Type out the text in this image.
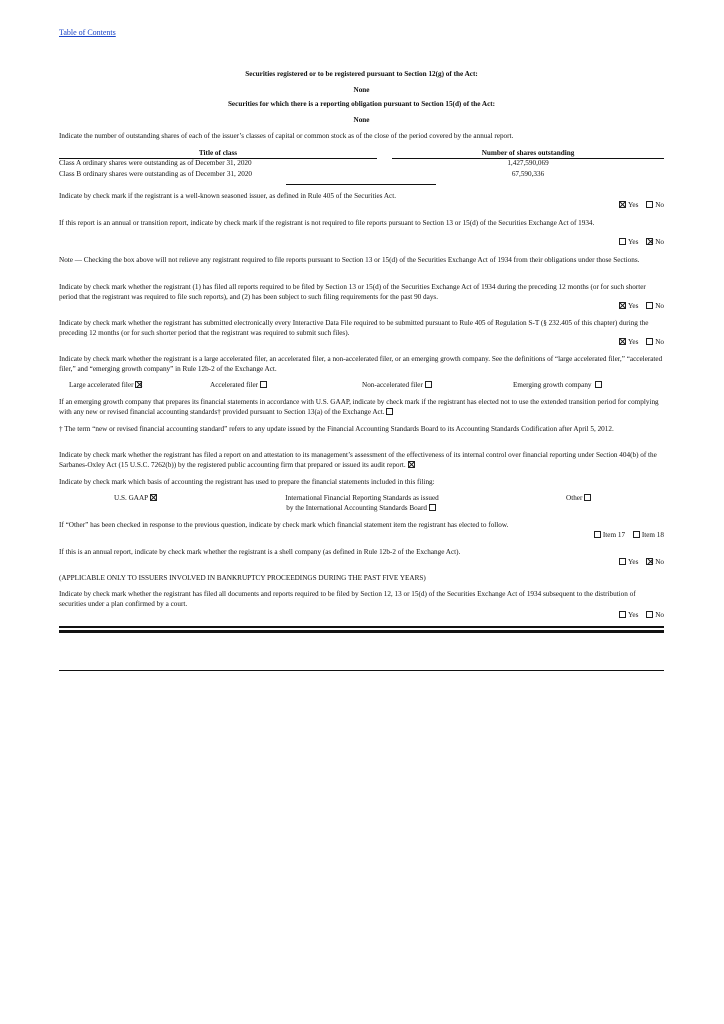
Table of Contents
Securities registered or to be registered pursuant to Section 12(g) of the Act:
None
Securities for which there is a reporting obligation pursuant to Section 15(d) of the Act:
None
Indicate the number of outstanding shares of each of the issuer’s classes of capital or common stock as of the close of the period covered by the annual report.
Title of class	Number of shares outstanding
Class A ordinary shares were outstanding as of December 31, 2020	1,427,590,069
Class B ordinary shares were outstanding as of December 31, 2020	67,590,336
Indicate by check mark if the registrant is a well-known seasoned issuer, as defined in Rule 405 of the Securities Act.
Yes No
If this report is an annual or transition report, indicate by check mark if the registrant is not required to file reports pursuant to Section 13 or 15(d) of the Securities Exchange Act of 1934.
Yes No
Note — Checking the box above will not relieve any registrant required to file reports pursuant to Section 13 or 15(d) of the Securities Exchange Act of 1934 from their obligations under those Sections.
Indicate by check mark whether the registrant (1) has filed all reports required to be filed by Section 13 or 15(d) of the Securities Exchange Act of 1934 during the preceding 12 months (or for such shorter period that the registrant was required to file such reports), and (2) has been subject to such filing requirements for the past 90 days.
Yes No
Indicate by check mark whether the registrant has submitted electronically every Interactive Data File required to be submitted pursuant to Rule 405 of Regulation S-T (§ 232.405 of this chapter) during the preceding 12 months (or for such shorter period that the registrant was required to submit such files).
Yes No
Indicate by check mark whether the registrant is a large accelerated filer, an accelerated filer, a non-accelerated filer, or an emerging growth company. See the definitions of “large accelerated filer,” “accelerated filer,” and “emerging growth company” in Rule 12b-2 of the Exchange Act.
Large accelerated filer	Accelerated filer	Non-accelerated filer	Emerging growth company
If an emerging growth company that prepares its financial statements in accordance with U.S. GAAP, indicate by check mark if the registrant has elected not to use the extended transition period for complying with any new or revised financial accounting standards† provided pursuant to Section 13(a) of the Exchange Act.
† The term “new or revised financial accounting standard” refers to any update issued by the Financial Accounting Standards Board to its Accounting Standards Codification after April 5, 2012.
Indicate by check mark whether the registrant has filed a report on and attestation to its management’s assessment of the effectiveness of its internal control over financial reporting under Section 404(b) of the Sarbanes-Oxley Act (15 U.S.C. 7262(b)) by the registered public accounting firm that prepared or issued its audit report.
Indicate by check mark which basis of accounting the registrant has used to prepare the financial statements included in this filing:
U.S. GAAP	International Financial Reporting Standards as issued
by the International Accounting Standards Board
Other
If “Other” has been checked in response to the previous question, indicate by check mark which financial statement item the registrant has elected to follow.
Item 17 Item 18
If this is an annual report, indicate by check mark whether the registrant is a shell company (as defined in Rule 12b-2 of the Exchange Act).
Yes No
(APPLICABLE ONLY TO ISSUERS INVOLVED IN BANKRUPTCY PROCEEDINGS DURING THE PAST FIVE YEARS)
Indicate by check mark whether the registrant has filed all documents and reports required to be filed by Section 12, 13 or 15(d) of the Securities Exchange Act of 1934 subsequent to the distribution of securities under a plan confirmed by a court.
Yes No
